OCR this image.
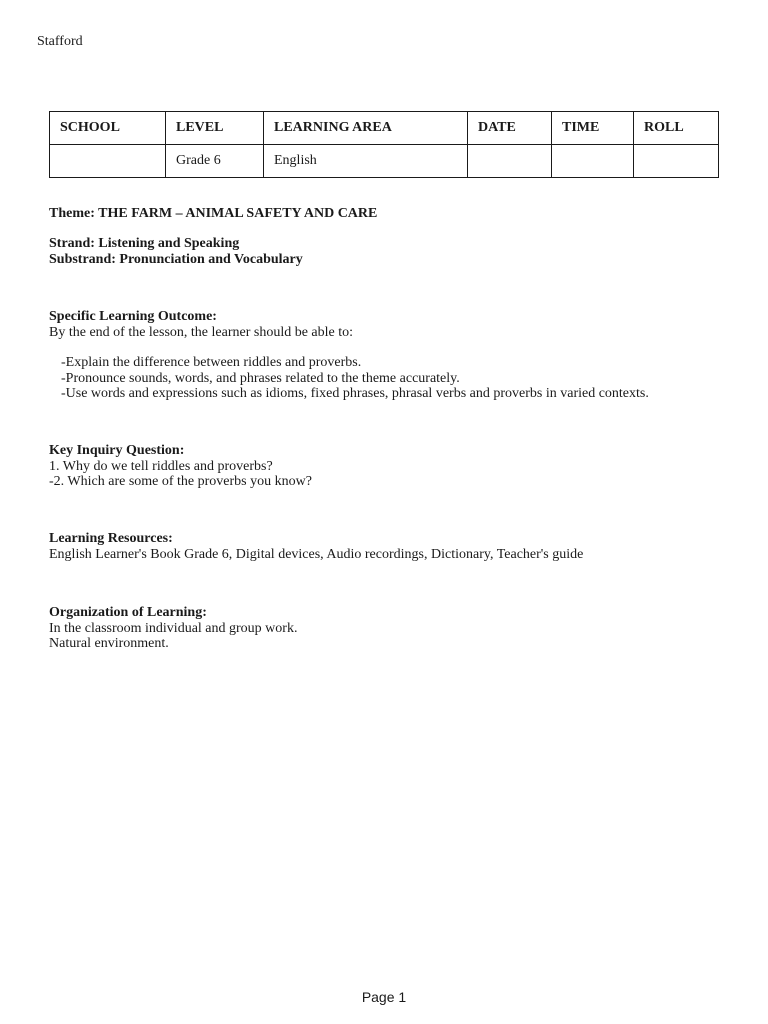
Stafford
SCHOOL	LEVEL	LEARNING AREA	DATE	TIME	ROLL
	Grade 6	English			
Theme: THE FARM – ANIMAL SAFETY AND CARE
Strand: Listening and Speaking
Substrand: Pronunciation and Vocabulary
Specific Learning Outcome:
By the end of the lesson, the learner should be able to:
-Explain the difference between riddles and proverbs.
-Pronounce sounds, words, and phrases related to the theme accurately.
-Use words and expressions such as idioms, fixed phrases, phrasal verbs and proverbs in varied contexts.
Key Inquiry Question:
1. Why do we tell riddles and proverbs?
-2. Which are some of the proverbs you know?
Learning Resources:
English Learner's Book Grade 6, Digital devices, Audio recordings, Dictionary, Teacher's guide
Organization of Learning:
In the classroom individual and group work.
Natural environment.
Page 1
